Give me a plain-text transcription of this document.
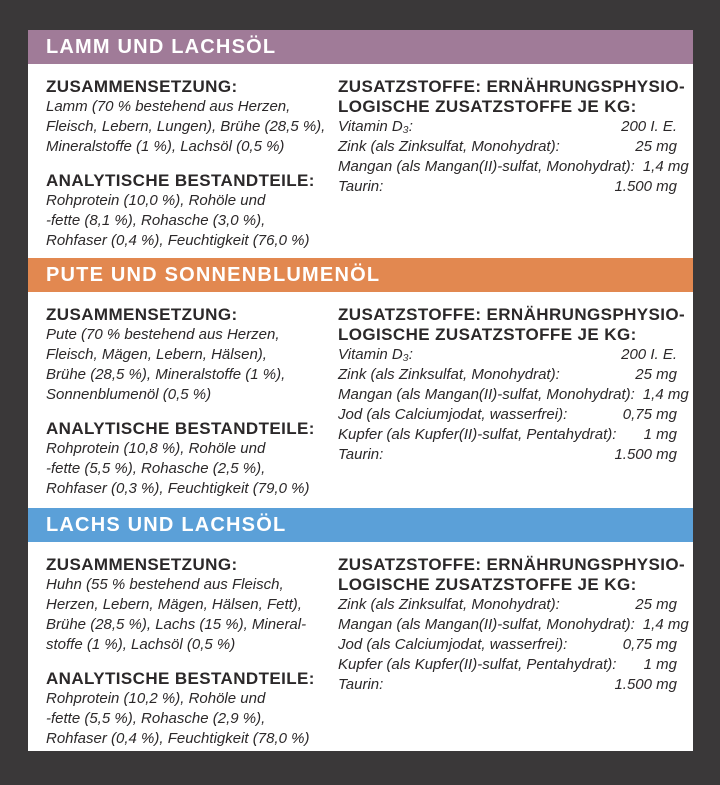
LAMM UND LACHSÖL
ZUSAMMENSETZUNG:
Lamm (70 % bestehend aus Herzen,
Fleisch, Lebern, Lungen), Brühe (28,5 %),
Mineralstoffe (1 %), Lachsöl (0,5 %)
ANALYTISCHE BESTANDTEILE:
Rohprotein (10,0 %), Rohöle und
-fette (8,1 %), Rohasche (3,0 %),
Rohfaser (0,4 %), Feuchtigkeit (76,0 %)
ZUSATZSTOFFE: ERNÄHRUNGSPHYSIO-
LOGISCHE ZUSATZSTOFFE JE KG:
Vitamin D₃:	200 I. E.
Zink (als Zinksulfat, Monohydrat):	25 mg
Mangan (als Mangan(II)-sulfat, Monohydrat): 1,4 mg
Taurin:	1.500 mg
PUTE UND SONNENBLUMENÖL
ZUSAMMENSETZUNG:
Pute (70 % bestehend aus Herzen,
Fleisch, Mägen, Lebern, Hälsen),
Brühe (28,5 %), Mineralstoffe (1 %),
Sonnenblumenöl (0,5 %)
ANALYTISCHE BESTANDTEILE:
Rohprotein (10,8 %), Rohöle und
-fette (5,5 %), Rohasche (2,5 %),
Rohfaser (0,3 %), Feuchtigkeit (79,0 %)
ZUSATZSTOFFE: ERNÄHRUNGSPHYSIO-
LOGISCHE ZUSATZSTOFFE JE KG:
Vitamin D₃:	200 I. E.
Zink (als Zinksulfat, Monohydrat):	25 mg
Mangan (als Mangan(II)-sulfat, Monohydrat): 1,4 mg
Jod (als Calciumjodat, wasserfrei):	0,75 mg
Kupfer (als Kupfer(II)-sulfat, Pentahydrat):	1 mg
Taurin:	1.500 mg
LACHS UND LACHSÖL
ZUSAMMENSETZUNG:
Huhn (55 % bestehend aus Fleisch,
Herzen, Lebern, Mägen, Hälsen, Fett),
Brühe (28,5 %), Lachs (15 %), Mineral-
stoffe (1 %), Lachsöl (0,5 %)
ANALYTISCHE BESTANDTEILE:
Rohprotein (10,2 %), Rohöle und
-fette (5,5 %), Rohasche (2,9 %),
Rohfaser (0,4 %), Feuchtigkeit (78,0 %)
ZUSATZSTOFFE: ERNÄHRUNGSPHYSIO-
LOGISCHE ZUSATZSTOFFE JE KG:
Zink (als Zinksulfat, Monohydrat):	25 mg
Mangan (als Mangan(II)-sulfat, Monohydrat): 1,4 mg
Jod (als Calciumjodat, wasserfrei):	0,75 mg
Kupfer (als Kupfer(II)-sulfat, Pentahydrat):	1 mg
Taurin:	1.500 mg
